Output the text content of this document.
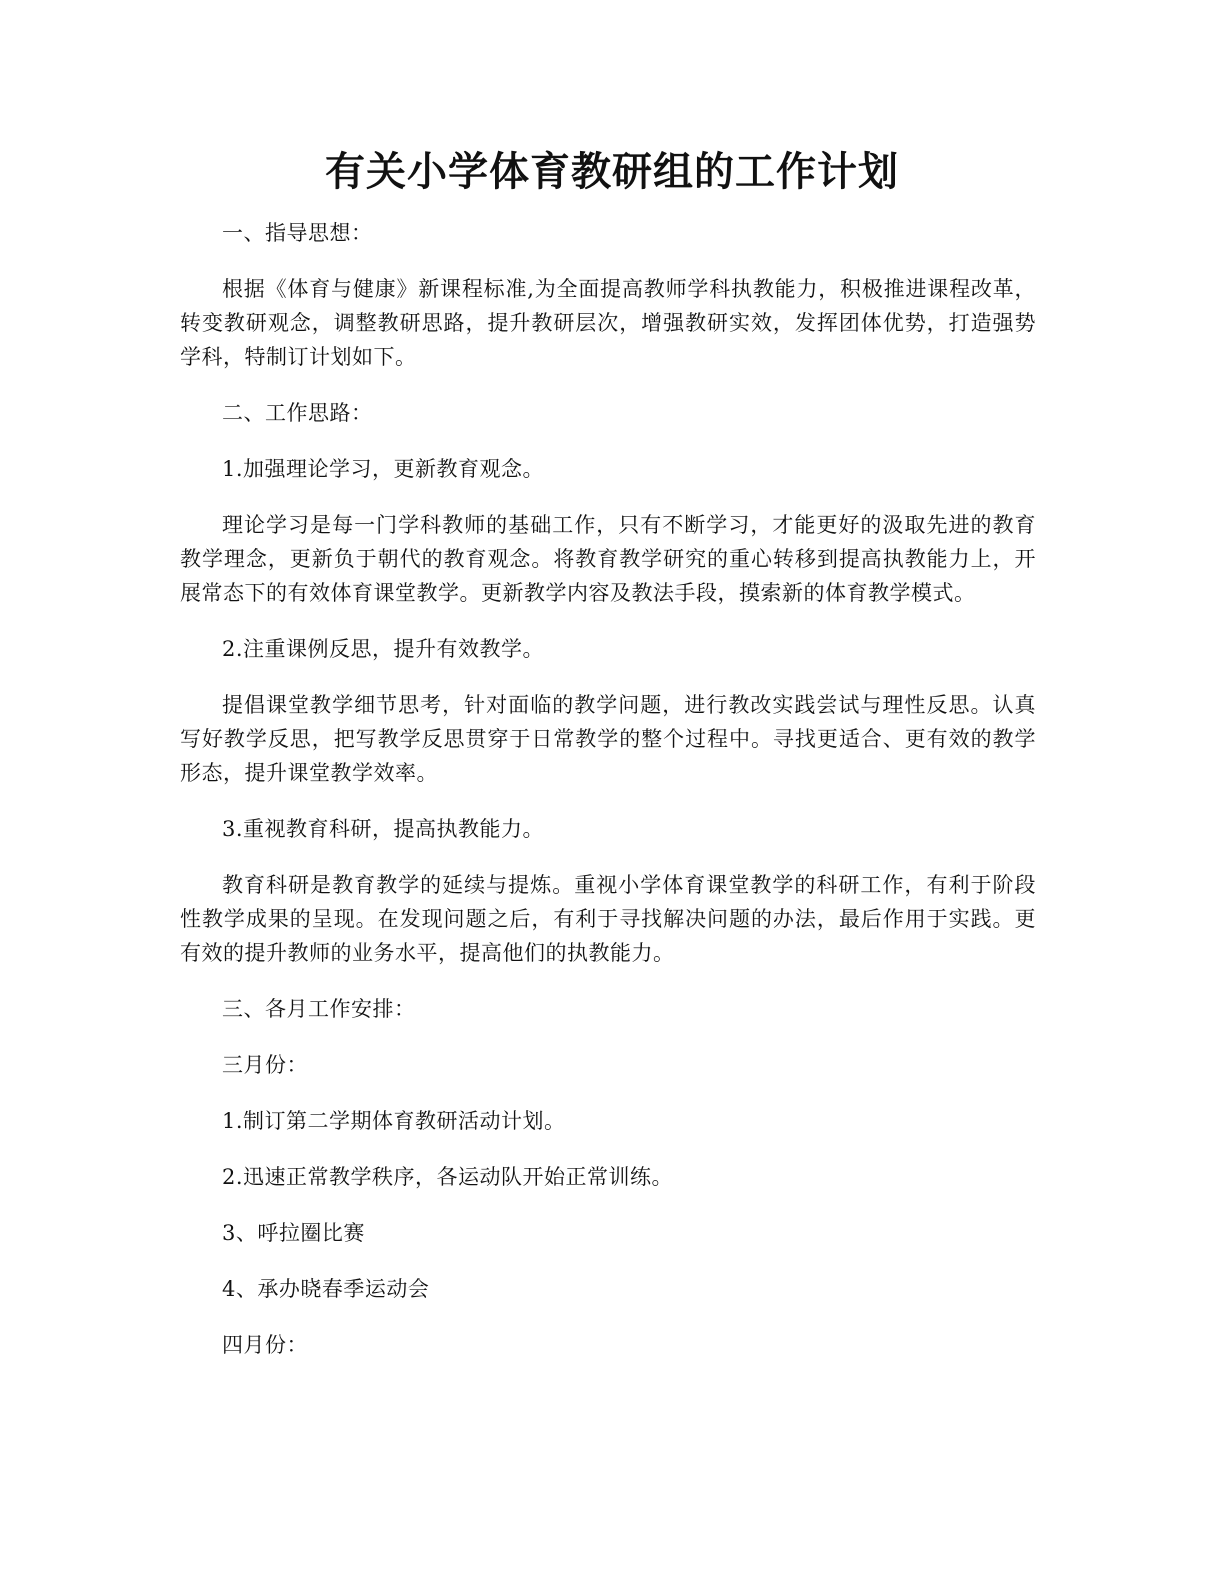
有关小学体育教研组的工作计划

一、指导思想：

根据《体育与健康》新课程标准,为全面提高教师学科执教能力，积极推进课程改革，转变教研观念，调整教研思路，提升教研层次，增强教研实效，发挥团体优势，打造强势学科，特制订计划如下。

二、工作思路：

1.加强理论学习，更新教育观念。

理论学习是每一门学科教师的基础工作，只有不断学习，才能更好的汲取先进的教育教学理念，更新负于朝代的教育观念。将教育教学研究的重心转移到提高执教能力上，开展常态下的有效体育课堂教学。更新教学内容及教法手段，摸索新的体育教学模式。

2.注重课例反思，提升有效教学。

提倡课堂教学细节思考，针对面临的教学问题，进行教改实践尝试与理性反思。认真写好教学反思，把写教学反思贯穿于日常教学的整个过程中。寻找更适合、更有效的教学形态，提升课堂教学效率。

3.重视教育科研，提高执教能力。

教育科研是教育教学的延续与提炼。重视小学体育课堂教学的科研工作，有利于阶段性教学成果的呈现。在发现问题之后，有利于寻找解决问题的办法，最后作用于实践。更有效的提升教师的业务水平，提高他们的执教能力。

三、各月工作安排：

三月份：

1.制订第二学期体育教研活动计划。

2.迅速正常教学秩序，各运动队开始正常训练。

3、呼拉圈比赛

4、承办晓春季运动会

四月份：
